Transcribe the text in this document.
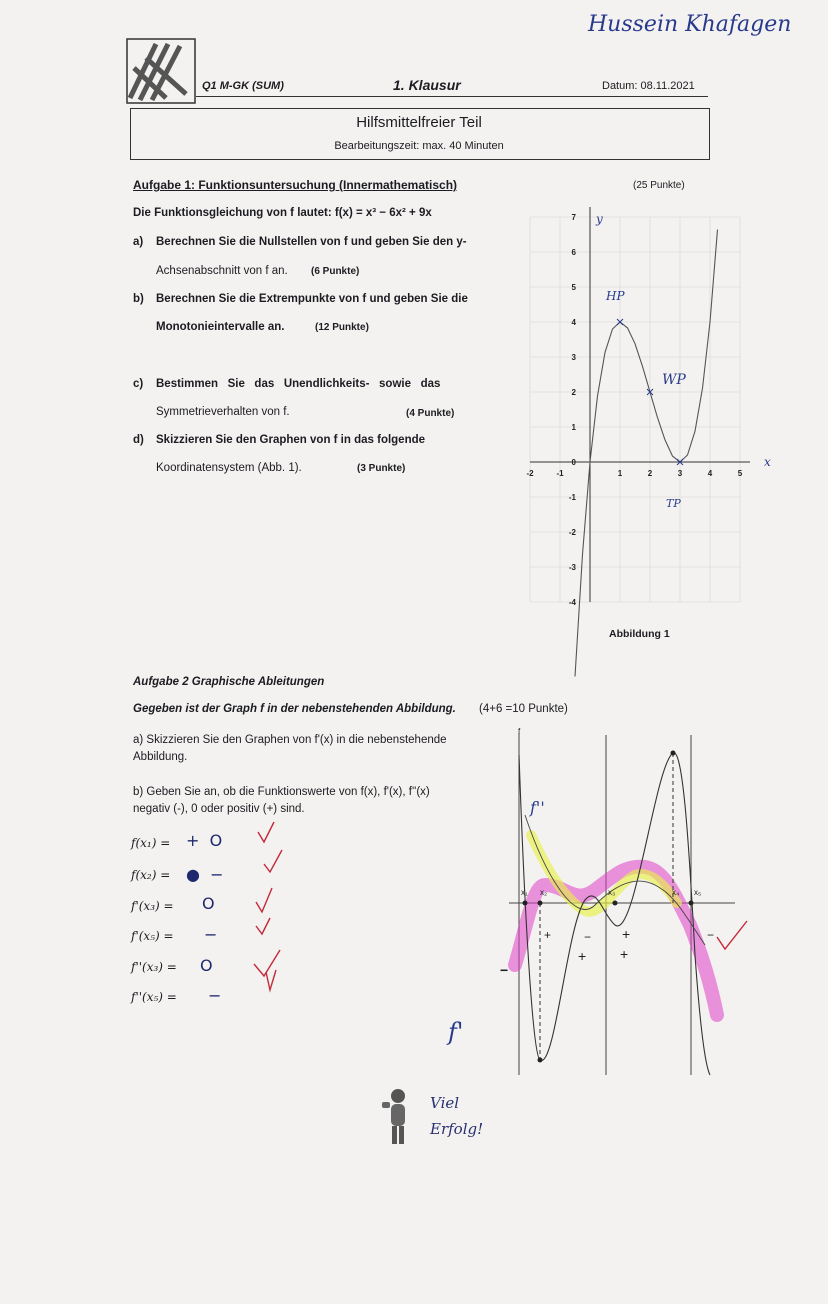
Hussein Khafagen
Q1 M-GK (SUM)	1. Klausur	Datum: 08.11.2021
Hilfsmittelfreier Teil
Bearbeitungszeit: max. 40 Minuten
Aufgabe 1: Funktionsuntersuchung (Innermathematisch)	(25 Punkte)
Die Funktionsgleichung von f lautet: f(x) = x³ − 6x² + 9x
a) Berechnen Sie die Nullstellen von f und geben Sie den y-
Achsenabschnitt von f an. (6 Punkte)
b) Berechnen Sie die Extrempunkte von f und geben Sie die
Monotonieintervalle an.	(12 Punkte)
c) Bestimmen   Sie   das   Unendlichkeits-   sowie   das
Symmetrieverhalten von f.	(4 Punkte)
d) Skizzieren Sie den Graphen von f in das folgende
Koordinatensystem (Abb. 1).	(3 Punkte)	-2	-1	1	2	3	4	5
7
6
5
4
3
2
1
0
-1
-2
-3
-4
y
x
HP
WP
TP
Abbildung 1
Aufgabe 2 Graphische Ableitungen
Gegeben ist der Graph f in der nebenstehenden Abbildung. (4+6 =10 Punkte)
a) Skizzieren Sie den Graphen von f'(x) in die nebenstehende
Abbildung.
b) Geben Sie an, ob die Funktionswerte von f(x), f'(x), f''(x)
negativ (-), 0 oder positiv (+) sind.
f(x₁) = +  O
f(x₂) = ●  −
f'(x₃) = O
f'(x₅) = −
f''(x₃) = O
f''(x₅) = −
f
x₁ x₂	x₃	x₄ x₅
f''
f'
+	+
+ +
−
−	−
Viel
Erfolg!
